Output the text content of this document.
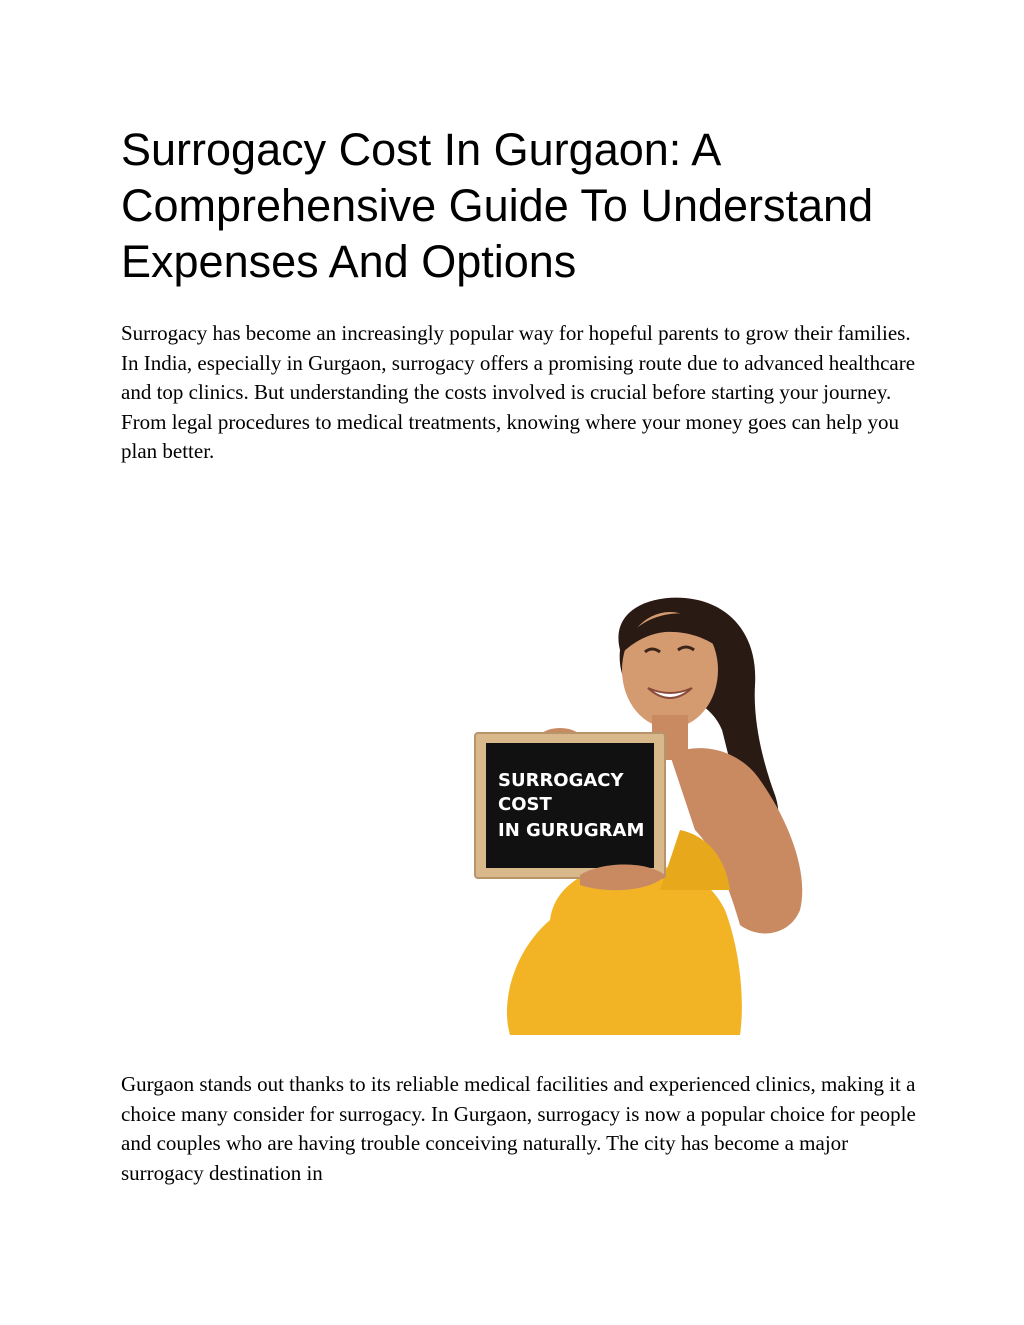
Surrogacy Cost In Gurgaon: A Comprehensive Guide To Understand Expenses And Options

Surrogacy has become an increasingly popular way for hopeful parents to grow their families. In India, especially in Gurgaon, surrogacy offers a promising route due to advanced healthcare and top clinics. But understanding the costs involved is crucial before starting your journey. From legal procedures to medical treatments, knowing where your money goes can help you plan better.

SURROGACY
COST
IN GURUGRAM

Gurgaon stands out thanks to its reliable medical facilities and experienced clinics, making it a choice many consider for surrogacy. In Gurgaon, surrogacy is now a popular choice for people and couples who are having trouble conceiving naturally. The city has become a major surrogacy destination in
